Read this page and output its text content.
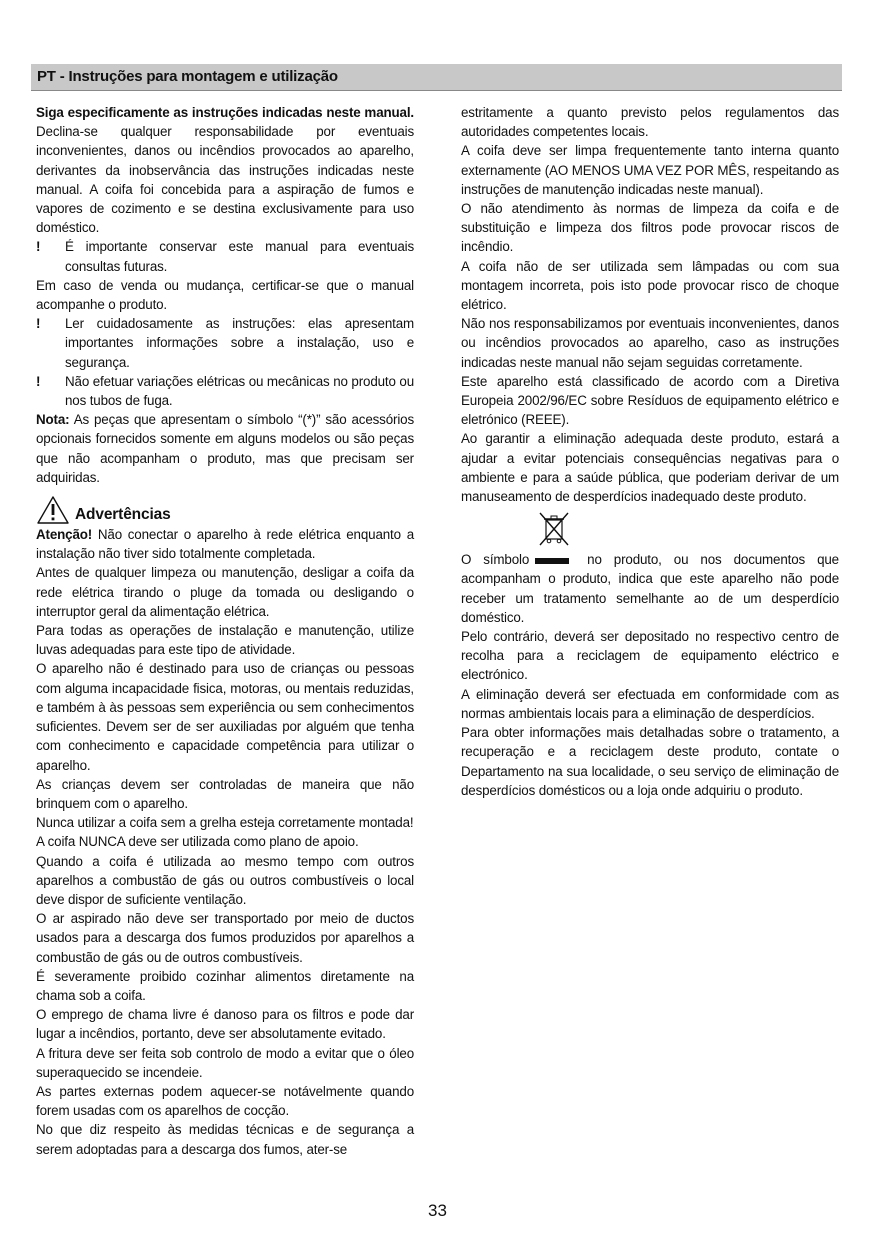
PT - Instruções para montagem e utilização

Siga especificamente as instruções indicadas neste manual. Declina-se qualquer responsabilidade por eventuais inconvenientes, danos ou incêndios provocados ao aparelho, derivantes da inobservância das instruções indicadas neste manual. A coifa foi concebida para a aspiração de fumos e vapores de cozimento e se destina exclusivamente para uso doméstico.

!	É importante conservar este manual para eventuais consultas futuras.

Em caso de venda ou mudança, certificar-se que o manual acompanhe o produto.

!	Ler cuidadosamente as instruções: elas apresentam importantes informações sobre a instalação, uso e segurança.
!	Não efetuar variações elétricas ou mecânicas no produto ou nos tubos de fuga.

Nota: As peças que apresentam o símbolo “(*)” são acessórios opcionais fornecidos somente em alguns modelos ou são peças que não acompanham o produto, mas que precisam ser adquiridas.

Advertências

Atenção! Não conectar o aparelho à rede elétrica enquanto a instalação não tiver sido totalmente completada.

Antes de qualquer limpeza ou manutenção, desligar a coifa da rede elétrica tirando o pluge da tomada ou desligando o interruptor geral da alimentação elétrica.

Para todas as operações de instalação e manutenção, utilize luvas adequadas para este tipo de atividade.

O aparelho não é destinado para uso de crianças ou pessoas com alguma incapacidade fisica, motoras, ou mentais reduzidas, e também à às pessoas sem experiência ou sem conhecimentos suficientes. Devem ser de ser auxiliadas por alguém que tenha com conhecimento e capacidade competência para utilizar o aparelho.

As crianças devem ser controladas de maneira que não brinquem com o aparelho.

Nunca utilizar a coifa sem a grelha esteja corretamente montada!

A coifa NUNCA deve ser utilizada como plano de apoio.

Quando a coifa é utilizada ao mesmo tempo com outros aparelhos a combustão de gás ou outros combustíveis o local deve dispor de suficiente ventilação.

O ar aspirado não deve ser transportado por meio de ductos usados para a descarga dos fumos produzidos por aparelhos a combustão de gás ou de outros combustíveis.

É severamente proibido cozinhar alimentos diretamente na chama sob a coifa.

O emprego de chama livre é danoso para os filtros e pode dar lugar a incêndios, portanto, deve ser absolutamente evitado.

A fritura deve ser feita sob controlo de modo a evitar que o óleo superaquecido se incendeie.

As partes externas podem aquecer-se notávelmente quando forem usadas com os aparelhos de cocção.

No que diz respeito às medidas técnicas e de segurança a serem adoptadas para a descarga dos fumos, ater-se

estritamente a quanto previsto pelos regulamentos das autoridades competentes locais.

A coifa deve ser limpa frequentemente tanto interna quanto externamente (AO MENOS UMA VEZ POR MÊS, respeitando as instruções de manutenção indicadas neste manual).

O não atendimento às normas de limpeza da coifa e de substituição e limpeza dos filtros pode provocar riscos de incêndio.

A coifa não de ser utilizada sem lâmpadas ou com sua montagem incorreta, pois isto pode provocar risco de choque elétrico.

Não nos responsabilizamos por eventuais inconvenientes, danos ou incêndios provocados ao aparelho, caso as instruções indicadas neste manual não sejam seguidas corretamente.

Este aparelho está classificado de acordo com a Diretiva Europeia 2002/96/EC sobre Resíduos de equipamento elétrico e eletrónico (REEE).

Ao garantir a eliminação adequada deste produto, estará a ajudar a evitar potenciais consequências negativas para o ambiente e para a saúde pública, que poderiam derivar de um manuseamento de desperdícios inadequado deste produto.

O símbolo	no produto, ou nos documentos que acompanham o produto, indica que este aparelho não pode receber um tratamento semelhante ao de um desperdício doméstico.

Pelo contrário, deverá ser depositado no respectivo centro de recolha para a reciclagem de equipamento eléctrico e electrónico.

A eliminação deverá ser efectuada em conformidade com as normas ambientais locais para a eliminação de desperdícios.

Para obter informações mais detalhadas sobre o tratamento, a recuperação e a reciclagem deste produto, contate o Departamento na sua localidade, o seu serviço de eliminação de desperdícios domésticos ou a loja onde adquiriu o produto.

33
